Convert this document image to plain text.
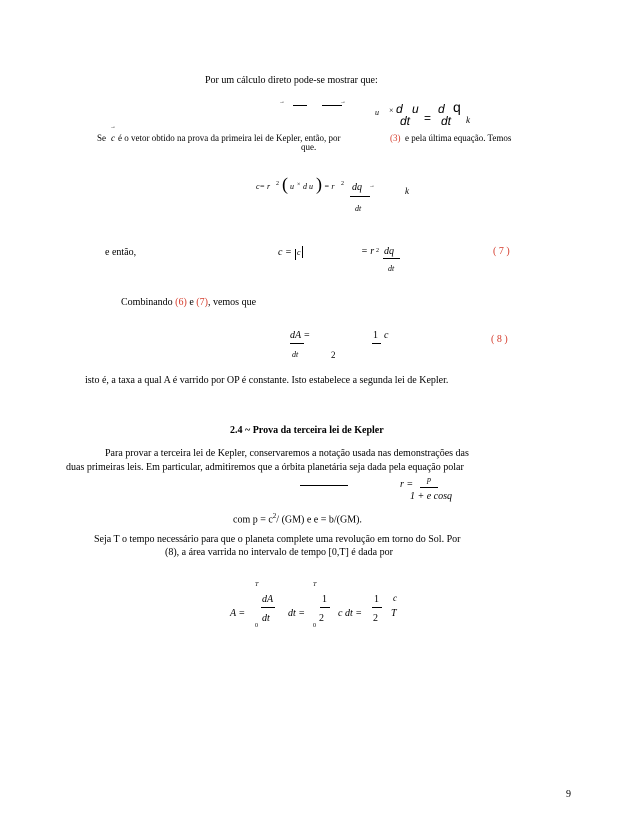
Por um cálculo direto pode-se mostrar que:
→	→
u × d
dt
u
=
d
dt
q
k
→
Se c é o vetor obtido na prova da primeira lei de Kepler, então, por	(3) e pela última equação. Temos
que.
c= r 2 ( u × d u ) = r 2 dq →
dt
k
e então,	c = c	= r 2 dq
dt
( 7 )
Combinando (6) e (7), vemos que
dA =
dt
1 c
2
( 8 )
isto é, a taxa a qual A é varrido por OP é constante. Isto estabelece a segunda lei de Kepler.
2.4 ~ Prova da terceira lei de Kepler
Para provar a terceira lei de Kepler, conservaremos a notação usada nas demonstrações das
duas primeiras leis. Em particular, admitiremos que a órbita planetária seja dada pela equação polar
r = p
1 + e cosq
com $p = c^2/$ (GM) e e = b/(GM).
Seja T o tempo necessário para que o planeta complete uma revolução em torno do Sol. Por
(8), a área varrida no intervalo de tempo [0,T] é dada por
T	T
dA
A = dt dt =
0	0
1
2 c dt =
1
2
c
T
9
